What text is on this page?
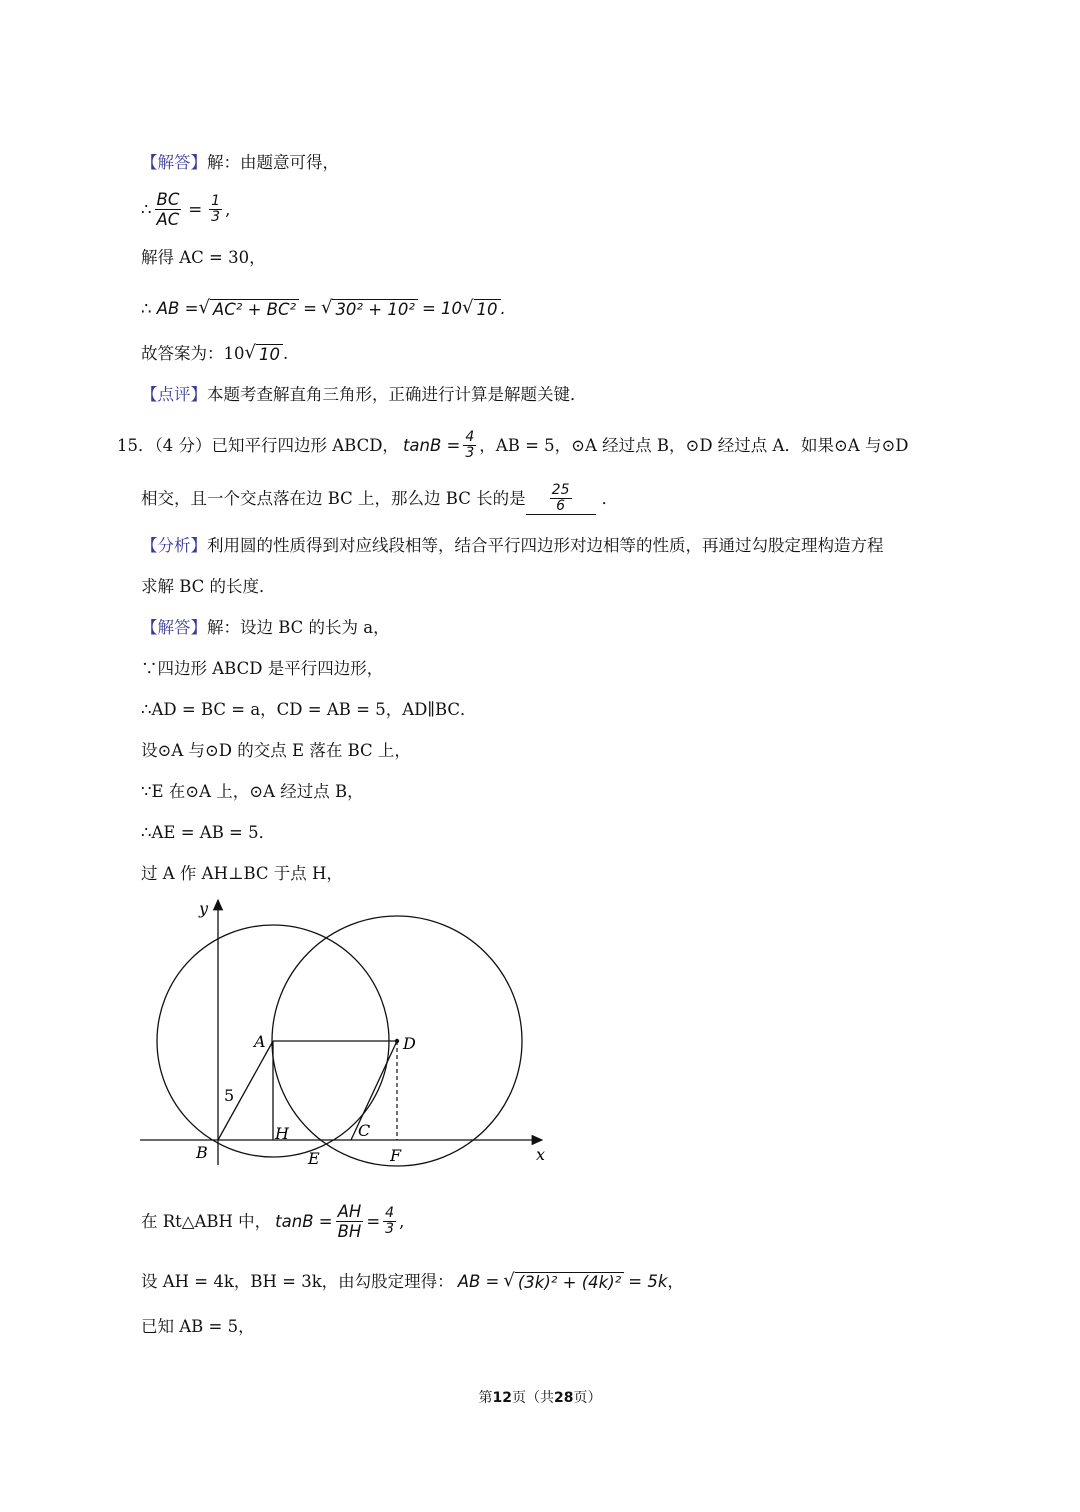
【解答】解：由题意可得，
∴ $\frac{BC}{AC} = \frac{1}{3}$ ,
解得 AC = 30，
∴
AB = √ AC² + BC² = √ 30² + 10² = 10 √ 10 .
故答案为：10 √ 10 .
【点评】本题考查解直角三角形，正确进行计算是解题关键．
15．（4 分）已知平行四边形 ABCD， $\tan B = \frac{4}{3}$ ，AB = 5，⊙A 经过点 B，⊙D 经过点 A．如果⊙A 与⊙D
相交，且一个交点落在边 BC 上，那么边 BC 长的是 $\frac{25}{6}$ ．
【分析】利用圆的性质得到对应线段相等，结合平行四边形对边相等的性质，再通过勾股定理构造方程
求解 BC 的长度．
【解答】解：设边 BC 的长为 a，
∵四边形 ABCD 是平行四边形，
∴AD = BC = a，CD = AB = 5，AD∥BC．
设⊙A 与⊙D 的交点 E 落在 BC 上，
∵E 在⊙A 上，⊙A 经过点 B，
∴AE = AB = 5．
过 A 作 AH⊥BC 于点 H，
y
x
A	D
B
H
E
C
F
5
在 Rt△ABH 中， $\tan B = \frac{AH}{BH} = \frac{4}{3}$ ,
设 AH = 4k，BH = 3k，由勾股定理得： AB = √ (3k)² + (4k)² = 5k ，
已知 AB = 5，
第12页（共28页）
